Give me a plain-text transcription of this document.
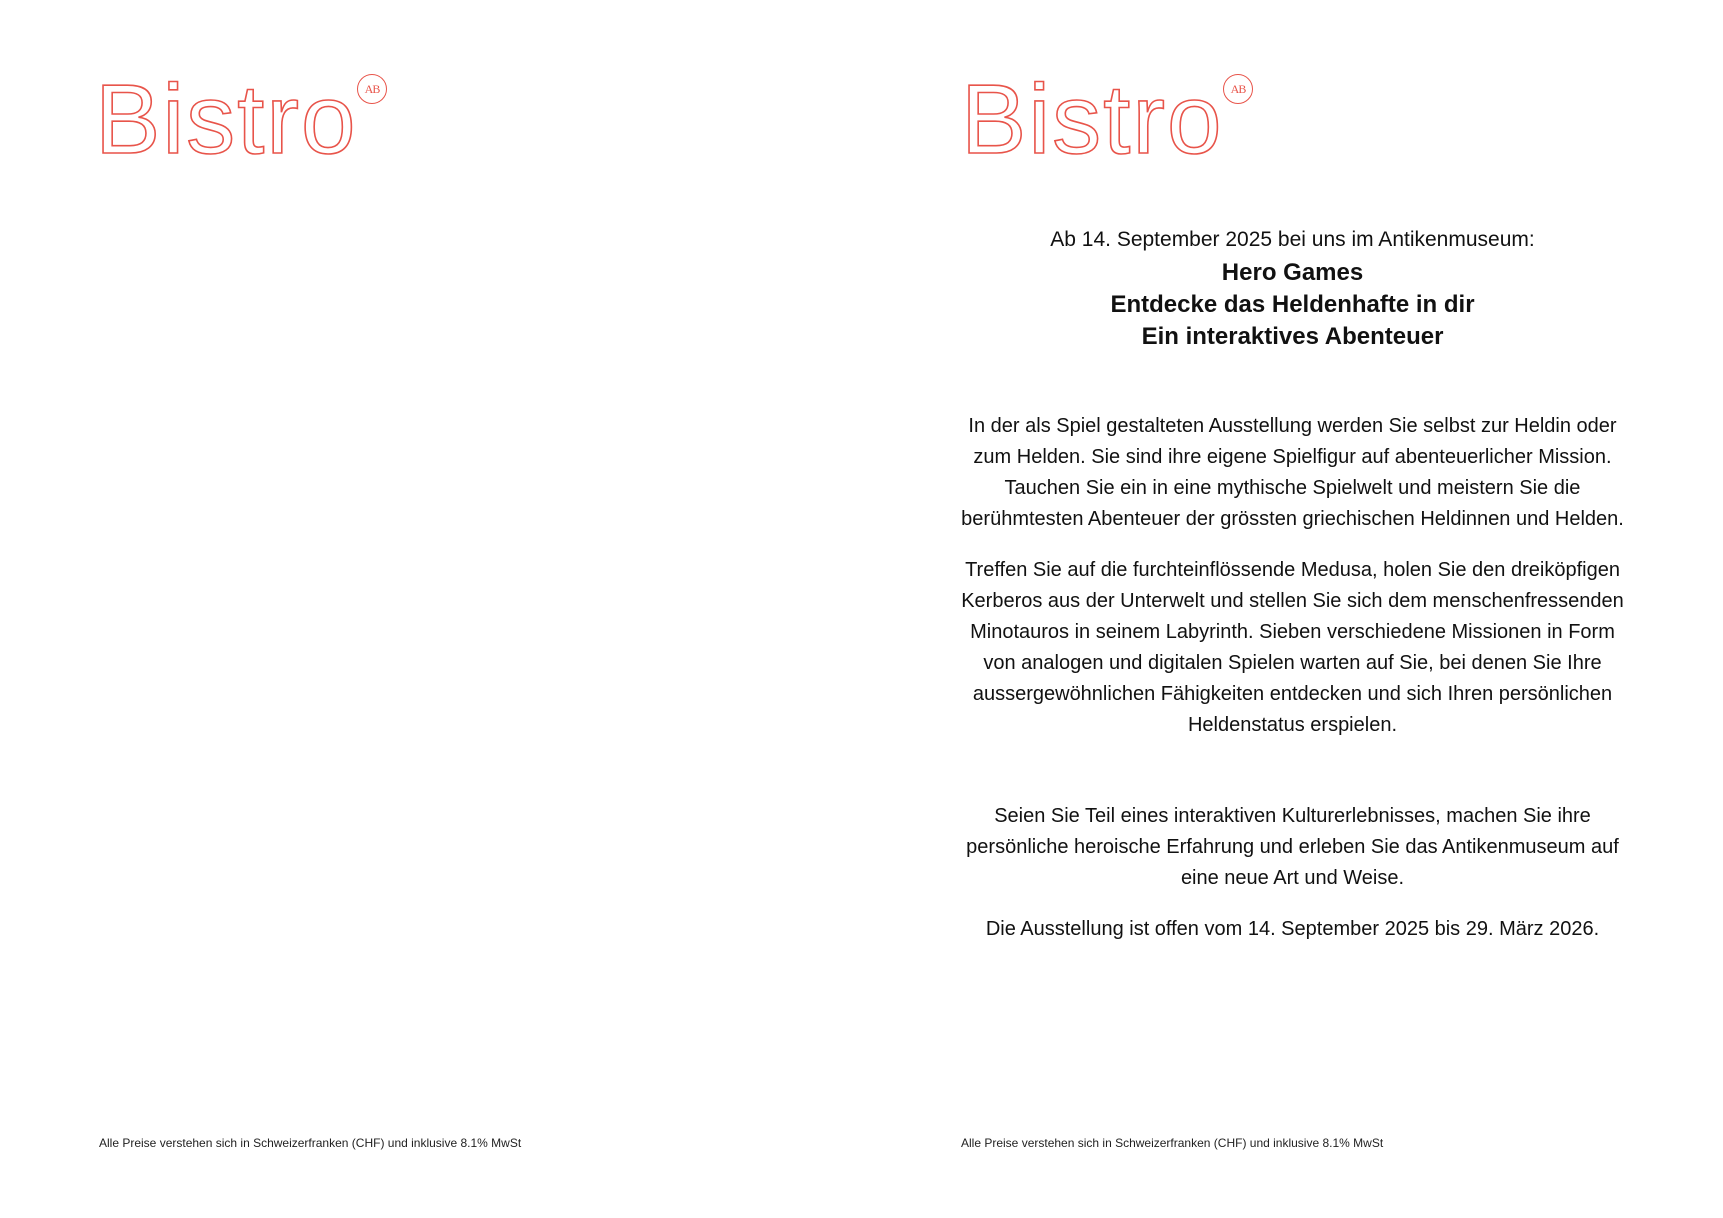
Bistro AB
Alle Preise verstehen sich in Schweizerfranken (CHF) und inklusive 8.1% MwSt
Bistro AB

Ab 14. September 2025 bei uns im Antikenmuseum:

Hero Games

Entdecke das Heldenhafte in dir

Ein interaktives Abenteuer

In der als Spiel gestalteten Ausstellung werden Sie selbst zur Heldin oder zum Helden. Sie sind ihre eigene Spielfigur auf abenteuerlicher Mission. Tauchen Sie ein in eine mythische Spielwelt und meistern Sie die berühmtesten Abenteuer der grössten griechischen Heldinnen und Helden.

Treffen Sie auf die furchteinflössende Medusa, holen Sie den dreiköpfigen Kerberos aus der Unterwelt und stellen Sie sich dem menschenfressenden Minotauros in seinem Labyrinth. Sieben verschiedene Missionen in Form von analogen und digitalen Spielen warten auf Sie, bei denen Sie Ihre aussergewöhnlichen Fähigkeiten entdecken und sich Ihren persönlichen Heldenstatus erspielen.

Seien Sie Teil eines interaktiven Kulturerlebnisses, machen Sie ihre persönliche heroische Erfahrung und erleben Sie das Antikenmuseum auf eine neue Art und Weise.

Die Ausstellung ist offen vom 14. September 2025 bis 29. März 2026.

Alle Preise verstehen sich in Schweizerfranken (CHF) und inklusive 8.1% MwSt
